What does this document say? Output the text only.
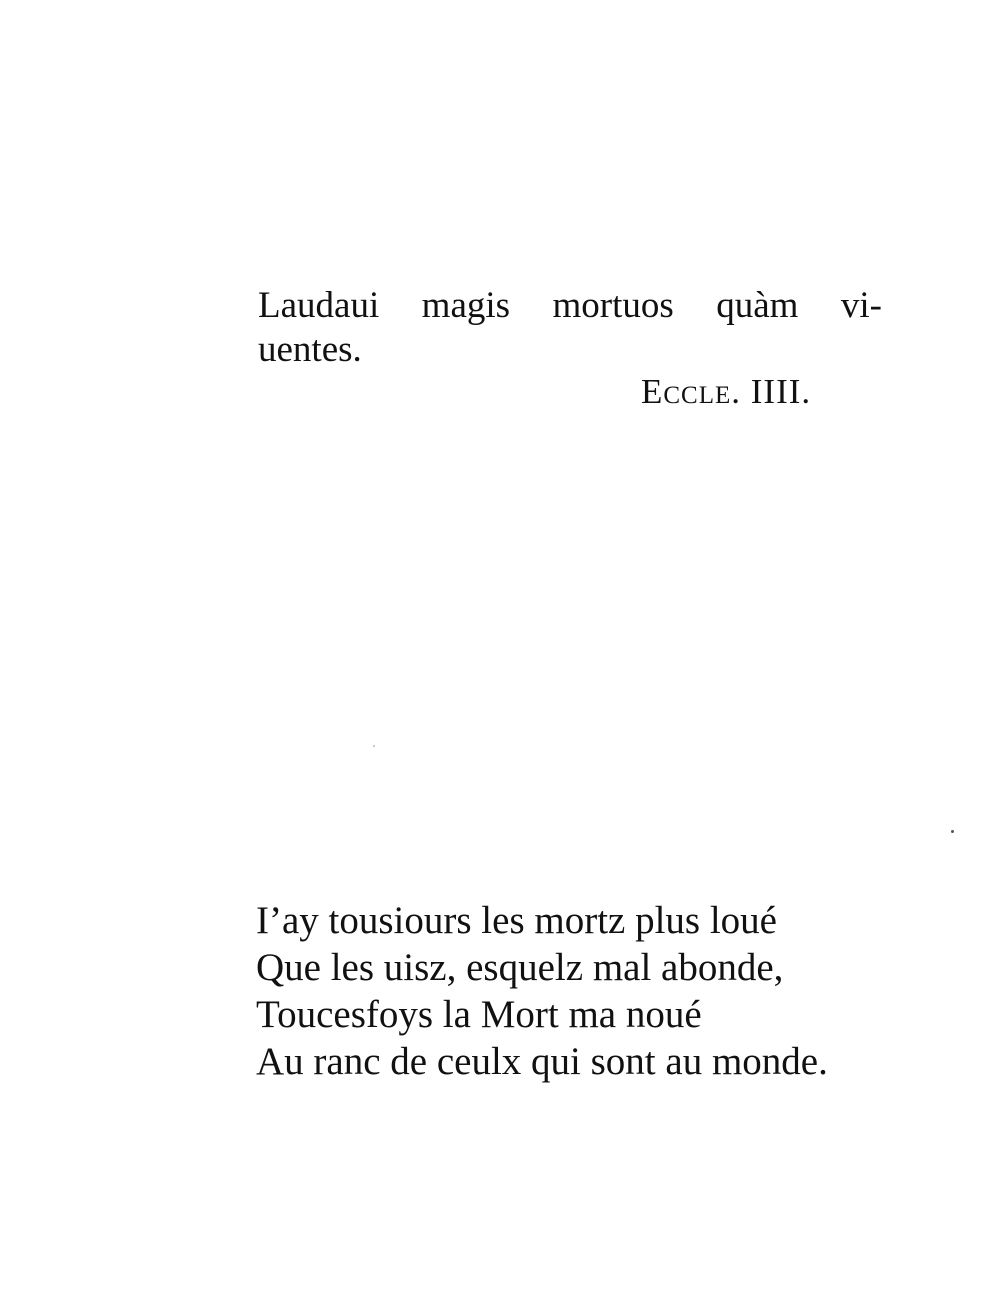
Laudaui magis mortuos quàm vi-
uentes.
Eccle. IIII.
I’ay tousiours les mortz plus loué
Que les uisz, esquelz mal abonde,
Toucesfoys la Mort ma noué
Au ranc de ceulx qui sont au monde.
